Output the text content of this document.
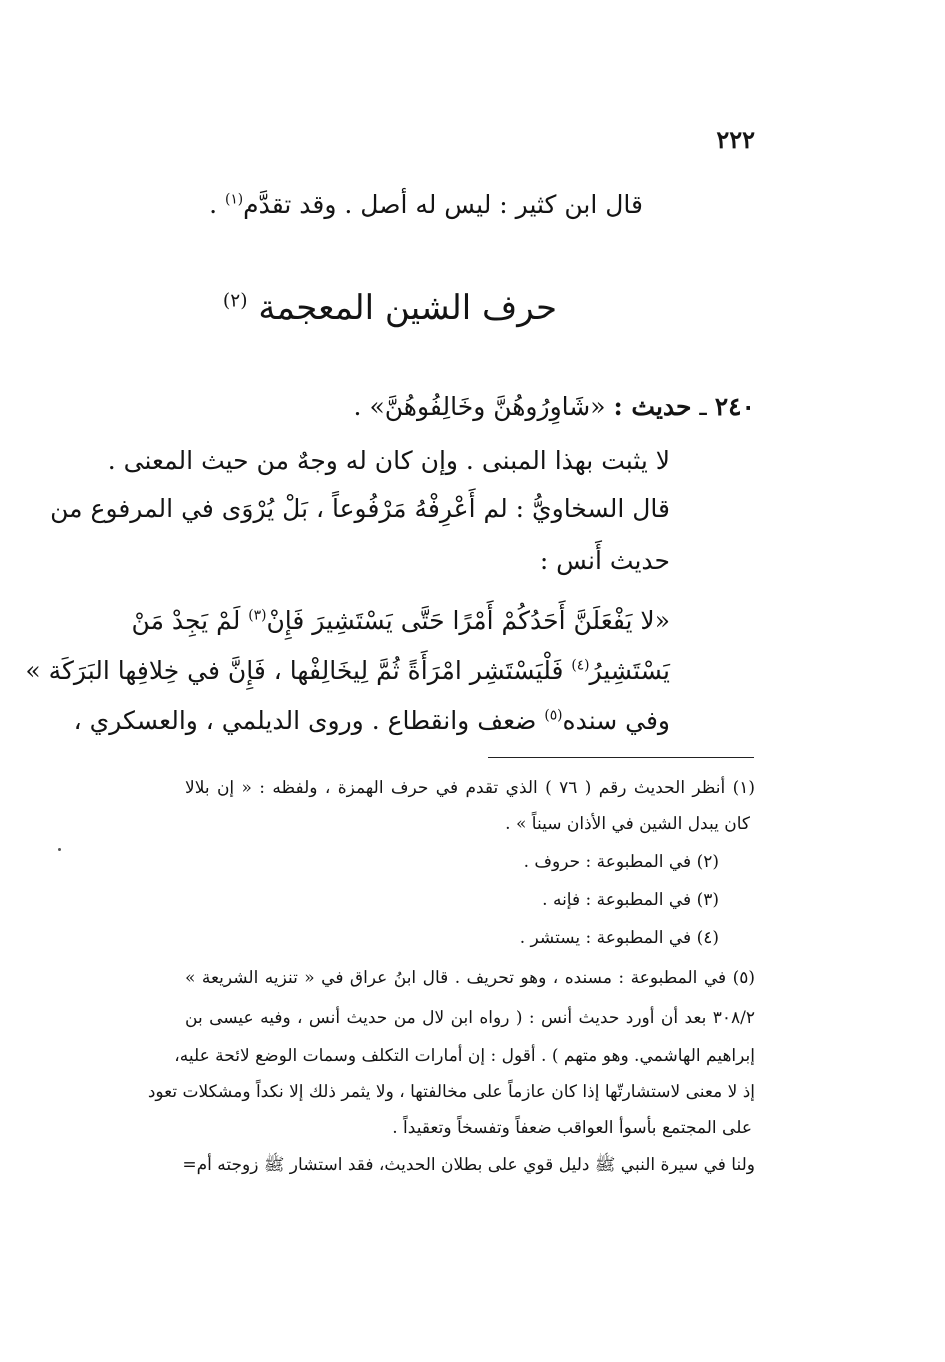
٢٢٢
قال ابن كثير : ليس له أصل . وقد تقدَّم$^{(١)}$ .
حرف الشين المعجمة $^{(٢)}$
٢٤٠ ـ حديث : «شَاوِرُوهُنَّ وخَالِفُوهُنَّ» .
لا يثبت بهذا المبنى . وإن كان له وجهٌ من حيث المعنى .
قال السخاويُّ : لم أَعْرِفْهُ مَرْفُوعاً ، بَلْ يُرْوَى في المرفوع من
حديث أَنس :
«لا يَفْعَلَنَّ أَحَدُكُمْ أَمْرًا حَتَّى يَسْتَشِيرَ فَإِنْ$^{(٣)}$ لَمْ يَجِدْ مَنْ
يَسْتَشِيرُ$^{(٤)}$ فَلْيَسْتَشِر امْرَأَةً ثُمَّ لِيخَالِفْها ، فَإِنَّ في خِلافِها البَرَكَة »
وفي سنده$^{(٥)}$ ضعف وانقطاع . وروى الديلمي ، والعسكري ،
(١) أنظر الحديث رقم ( ٧٦ ) الذي تقدم في حرف الهمزة ، ولفظه : « إن بلالا
كان يبدل الشين في الأذان سيناً » .
(٢) في المطبوعة : حروف .
(٣) في المطبوعة : فإنه .
(٤) في المطبوعة : يستشر .
(٥) في المطبوعة : مسنده ، وهو تحريف . قال ابنُ عراق في « تنزيه الشريعة »
٣٠٨/٢ بعد أن أورد حديث أنس : ( رواه ابن لال من حديث أنس ، وفيه عيسى بن
إبراهيم الهاشمي. وهو متهم ) . أقول : إن أمارات التكلف وسمات الوضع لائحة عليه،
إذ لا معنى لاستشارتّها إذا كان عازماً على مخالفتها ، ولا يثمر ذلك إلا نكداً ومشكلات تعود
على المجتمع بأسوأ العواقب ضعفاً وتفسخاً وتعقيداً .
ولنا في سيرة النبي ﷺ دليل قوي على بطلان الحديث، فقد استشار ﷺ زوجته أم=
